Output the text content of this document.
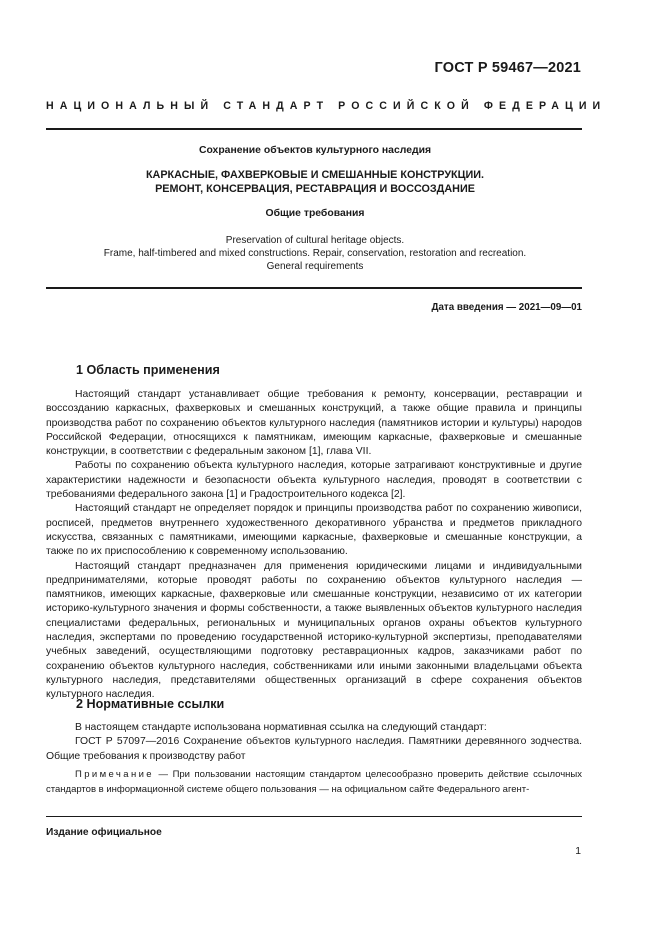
ГОСТ Р 59467—2021
НАЦИОНАЛЬНЫЙ СТАНДАРТ РОССИЙСКОЙ ФЕДЕРАЦИИ
Сохранение объектов культурного наследия
КАРКАСНЫЕ, ФАХВЕРКОВЫЕ И СМЕШАННЫЕ КОНСТРУКЦИИ.
РЕМОНТ, КОНСЕРВАЦИЯ, РЕСТАВРАЦИЯ И ВОССОЗДАНИЕ
Общие требования
Preservation of cultural heritage objects.
Frame, half-timbered and mixed constructions. Repair, conservation, restoration and recreation.
General requirements
Дата введения — 2021—09—01
1 Область применения

Настоящий стандарт устанавливает общие требования к ремонту, консервации, реставрации и воссозданию каркасных, фахверковых и смешанных конструкций, а также общие правила и принципы производства работ по сохранению объектов культурного наследия (памятников истории и культуры) народов Российской Федерации, относящихся к памятникам, имеющим каркасные, фахверковые и смешанные конструкции, в соответствии с федеральным законом [1], глава VII.

Работы по сохранению объекта культурного наследия, которые затрагивают конструктивные и другие характеристики надежности и безопасности объекта культурного наследия, проводят в соответствии с требованиями федерального закона [1] и Градостроительного кодекса [2].

Настоящий стандарт не определяет порядок и принципы производства работ по сохранению живописи, росписей, предметов внутреннего художественного декоративного убранства и предметов прикладного искусства, связанных с памятниками, имеющими каркасные, фахверковые и смешанные конструкции, а также по их приспособлению к современному использованию.

Настоящий стандарт предназначен для применения юридическими лицами и индивидуальными предпринимателями, которые проводят работы по сохранению объектов культурного наследия — памятников, имеющих каркасные, фахверковые или смешанные конструкции, независимо от их категории историко-культурного значения и формы собственности, а также выявленных объектов культурного наследия специалистами федеральных, региональных и муниципальных органов охраны объектов культурного наследия, экспертами по проведению государственной историко-культурной экспертизы, преподавателями учебных заведений, осуществляющими подготовку реставрационных кадров, заказчиками работ по сохранению объектов культурного наследия, собственниками или иными законными владельцами объекта культурного наследия, представителями общественных организаций в сфере сохранения объектов культурного наследия.

2 Нормативные ссылки

В настоящем стандарте использована нормативная ссылка на следующий стандарт:

ГОСТ Р 57097—2016 Сохранение объектов культурного наследия. Памятники деревянного зодчества. Общие требования к производству работ

Примечание — При пользовании настоящим стандартом целесообразно проверить действие ссылочных стандартов в информационной системе общего пользования — на официальном сайте Федерального агент-

Издание официальное
1
